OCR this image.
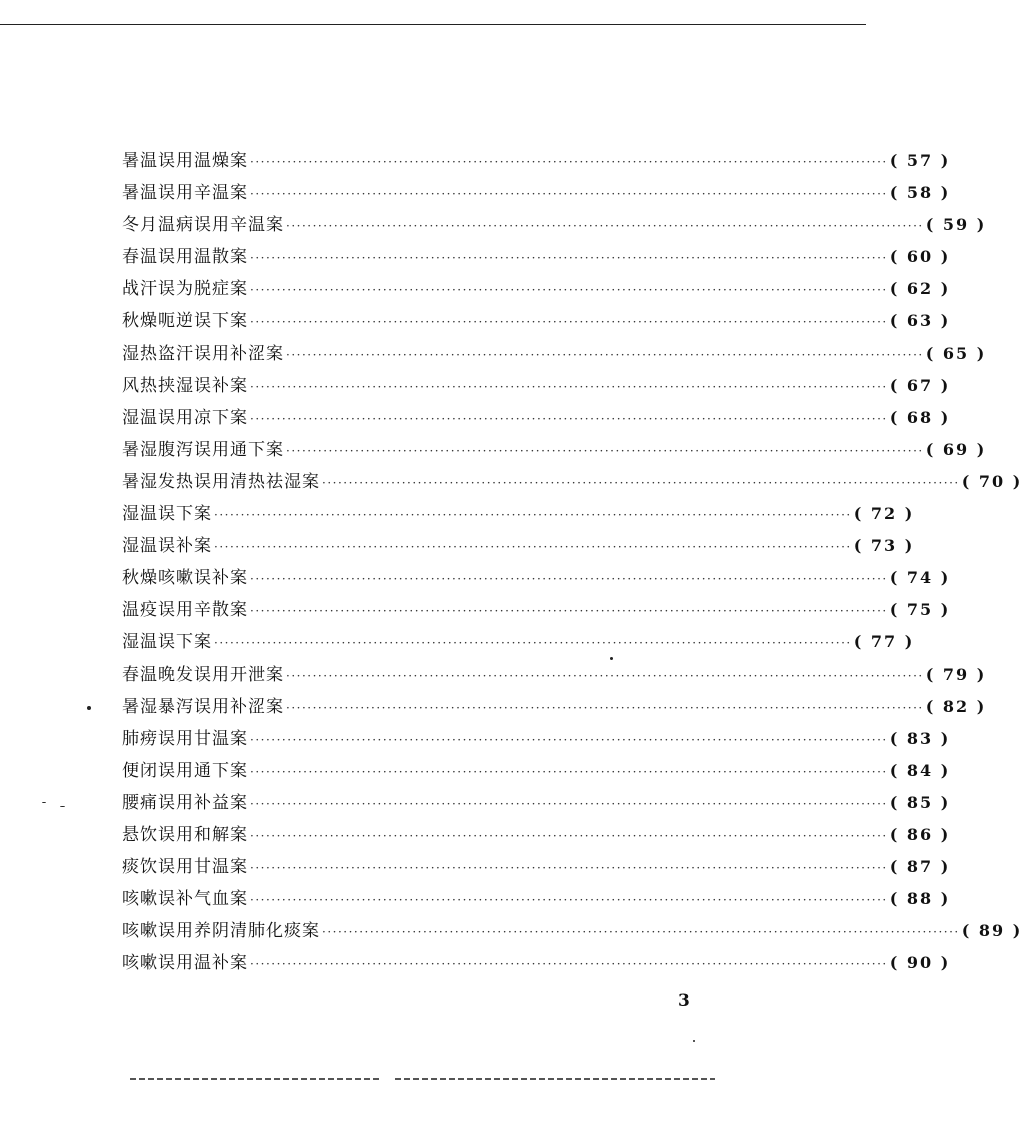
暑温误用温燥案 ························································································································ ( 57 )
暑温误用辛温案 ························································································································ ( 58 )
冬月温病误用辛温案 ························································································································ ( 59 )
春温误用温散案 ························································································································ ( 60 )
战汗误为脱症案 ························································································································ ( 62 )
秋燥呃逆误下案 ························································································································ ( 63 )
湿热盗汗误用补涩案 ························································································································ ( 65 )
风热挟湿误补案 ························································································································ ( 67 )
湿温误用凉下案 ························································································································ ( 68 )
暑湿腹泻误用通下案 ························································································································ ( 69 )
暑湿发热误用清热祛湿案 ························································································································ ( 70 )
湿温误下案 ························································································································ ( 72 )
湿温误补案 ························································································································ ( 73 )
秋燥咳嗽误补案 ························································································································ ( 74 )
温疫误用辛散案 ························································································································ ( 75 )
湿温误下案 ························································································································ ( 77 )
春温晚发误用开泄案 ························································································································ ( 79 )
暑湿暴泻误用补涩案 ························································································································ ( 82 )
肺痨误用甘温案 ························································································································ ( 83 )
便闭误用通下案 ························································································································ ( 84 )
腰痛误用补益案 ························································································································ ( 85 )
悬饮误用和解案 ························································································································ ( 86 )
痰饮误用甘温案 ························································································································ ( 87 )
咳嗽误补气血案 ························································································································ ( 88 )
咳嗽误用养阴清肺化痰案 ························································································································ ( 89 )
咳嗽误用温补案 ························································································································ ( 90 )
3
